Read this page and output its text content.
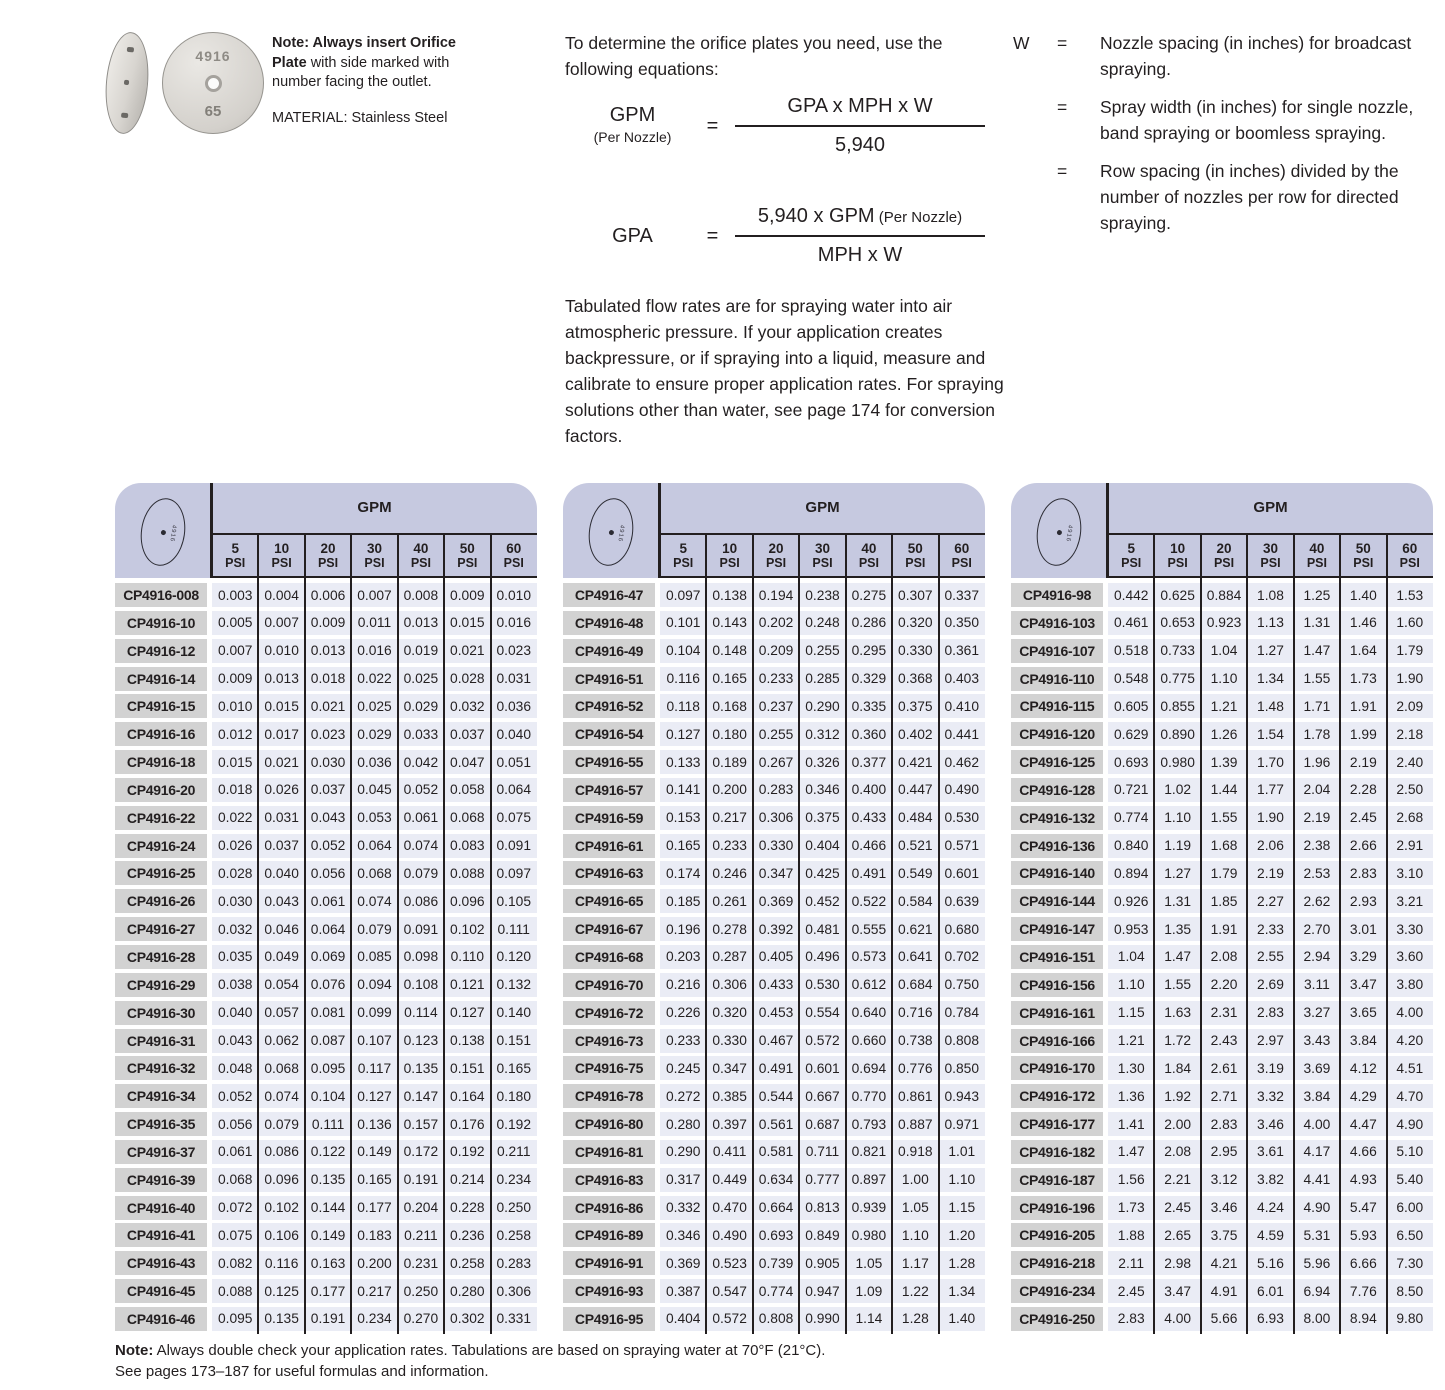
4916
65
Note: Always insert Orifice Plate with side marked with number facing the outlet.
MATERIAL: Stainless Steel
To determine the orifice plates you need, use the following equations:
GPM
(Per Nozzle)
= $\frac{\text{GPA x MPH x W}}{5,940}$
GPA	= $\frac{\text{5,940 x GPM (Per Nozzle)}}{\text{MPH x W}}$
W	=	Nozzle spacing (in inches) for broadcast spraying.
=	Spray width (in inches) for single nozzle, band spraying or boomless spraying.
=	Row spacing (in inches) divided by the number of nozzles per row for directed spraying.
Tabulated flow rates are for spraying water into air atmospheric pressure. If your application creates backpressure, or if spraying into a liquid, measure and calibrate to ensure proper application rates. For spraying solutions other than water, see page 174 for conversion factors.
4916
GPM
5
PSI
10
PSI
20
PSI
30
PSI
40
PSI
50
PSI
60
PSI
CP4916-008	0.003 0.004 0.006 0.007 0.008 0.009 0.010
CP4916-10	0.005 0.007 0.009 0.011 0.013 0.015 0.016
CP4916-12	0.007 0.010 0.013 0.016 0.019 0.021 0.023
CP4916-14	0.009 0.013 0.018 0.022 0.025 0.028 0.031
CP4916-15	0.010 0.015 0.021 0.025 0.029 0.032 0.036
CP4916-16	0.012 0.017 0.023 0.029 0.033 0.037 0.040
CP4916-18	0.015 0.021 0.030 0.036 0.042 0.047 0.051
CP4916-20	0.018 0.026 0.037 0.045 0.052 0.058 0.064
CP4916-22	0.022 0.031 0.043 0.053 0.061 0.068 0.075
CP4916-24	0.026 0.037 0.052 0.064 0.074 0.083 0.091
CP4916-25	0.028 0.040 0.056 0.068 0.079 0.088 0.097
CP4916-26	0.030 0.043 0.061 0.074 0.086 0.096 0.105
CP4916-27	0.032 0.046 0.064 0.079 0.091 0.102 0.111
CP4916-28	0.035 0.049 0.069 0.085 0.098 0.110 0.120
CP4916-29	0.038 0.054 0.076 0.094 0.108 0.121 0.132
CP4916-30	0.040 0.057 0.081 0.099 0.114 0.127 0.140
CP4916-31	0.043 0.062 0.087 0.107 0.123 0.138 0.151
CP4916-32	0.048 0.068 0.095 0.117 0.135 0.151 0.165
CP4916-34	0.052 0.074 0.104 0.127 0.147 0.164 0.180
CP4916-35	0.056 0.079 0.111 0.136 0.157 0.176 0.192
CP4916-37	0.061 0.086 0.122 0.149 0.172 0.192 0.211
CP4916-39	0.068 0.096 0.135 0.165 0.191 0.214 0.234
CP4916-40	0.072 0.102 0.144 0.177 0.204 0.228 0.250
CP4916-41	0.075 0.106 0.149 0.183 0.211 0.236 0.258
CP4916-43	0.082 0.116 0.163 0.200 0.231 0.258 0.283
CP4916-45	0.088 0.125 0.177 0.217 0.250 0.280 0.306
CP4916-46	0.095 0.135 0.191 0.234 0.270 0.302 0.331
4916
GPM
5
PSI
10
PSI
20
PSI
30
PSI
40
PSI
50
PSI
60
PSI
CP4916-47	0.097 0.138 0.194 0.238 0.275 0.307 0.337
CP4916-48	0.101 0.143 0.202 0.248 0.286 0.320 0.350
CP4916-49	0.104 0.148 0.209 0.255 0.295 0.330 0.361
CP4916-51	0.116 0.165 0.233 0.285 0.329 0.368 0.403
CP4916-52	0.118 0.168 0.237 0.290 0.335 0.375 0.410
CP4916-54	0.127 0.180 0.255 0.312 0.360 0.402 0.441
CP4916-55	0.133 0.189 0.267 0.326 0.377 0.421 0.462
CP4916-57	0.141 0.200 0.283 0.346 0.400 0.447 0.490
CP4916-59	0.153 0.217 0.306 0.375 0.433 0.484 0.530
CP4916-61	0.165 0.233 0.330 0.404 0.466 0.521 0.571
CP4916-63	0.174 0.246 0.347 0.425 0.491 0.549 0.601
CP4916-65	0.185 0.261 0.369 0.452 0.522 0.584 0.639
CP4916-67	0.196 0.278 0.392 0.481 0.555 0.621 0.680
CP4916-68	0.203 0.287 0.405 0.496 0.573 0.641 0.702
CP4916-70	0.216 0.306 0.433 0.530 0.612 0.684 0.750
CP4916-72	0.226 0.320 0.453 0.554 0.640 0.716 0.784
CP4916-73	0.233 0.330 0.467 0.572 0.660 0.738 0.808
CP4916-75	0.245 0.347 0.491 0.601 0.694 0.776 0.850
CP4916-78	0.272 0.385 0.544 0.667 0.770 0.861 0.943
CP4916-80	0.280 0.397 0.561 0.687 0.793 0.887 0.971
CP4916-81	0.290 0.411 0.581 0.711 0.821 0.918	1.01
CP4916-83	0.317 0.449 0.634 0.777 0.897	1.00	1.10
CP4916-86	0.332 0.470 0.664 0.813 0.939	1.05	1.15
CP4916-89	0.346 0.490 0.693 0.849 0.980	1.10	1.20
CP4916-91	0.369 0.523 0.739 0.905	1.05	1.17	1.28
CP4916-93	0.387 0.547 0.774 0.947	1.09	1.22	1.34
CP4916-95	0.404 0.572 0.808 0.990	1.14	1.28	1.40
4916
GPM
5
PSI
10
PSI
20
PSI
30
PSI
40
PSI
50
PSI
60
PSI
CP4916-98	0.442 0.625 0.884	1.08	1.25	1.40	1.53
CP4916-103	0.461 0.653 0.923	1.13	1.31	1.46	1.60
CP4916-107	0.518 0.733	1.04	1.27	1.47	1.64	1.79
CP4916-110	0.548 0.775	1.10	1.34	1.55	1.73	1.90
CP4916-115	0.605 0.855	1.21	1.48	1.71	1.91	2.09
CP4916-120	0.629 0.890	1.26	1.54	1.78	1.99	2.18
CP4916-125	0.693 0.980	1.39	1.70	1.96	2.19	2.40
CP4916-128	0.721	1.02	1.44	1.77	2.04	2.28	2.50
CP4916-132	0.774	1.10	1.55	1.90	2.19	2.45	2.68
CP4916-136	0.840	1.19	1.68	2.06	2.38	2.66	2.91
CP4916-140	0.894	1.27	1.79	2.19	2.53	2.83	3.10
CP4916-144	0.926	1.31	1.85	2.27	2.62	2.93	3.21
CP4916-147	0.953	1.35	1.91	2.33	2.70	3.01	3.30
CP4916-151	1.04	1.47	2.08	2.55	2.94	3.29	3.60
CP4916-156	1.10	1.55	2.20	2.69	3.11	3.47	3.80
CP4916-161	1.15	1.63	2.31	2.83	3.27	3.65	4.00
CP4916-166	1.21	1.72	2.43	2.97	3.43	3.84	4.20
CP4916-170	1.30	1.84	2.61	3.19	3.69	4.12	4.51
CP4916-172	1.36	1.92	2.71	3.32	3.84	4.29	4.70
CP4916-177	1.41	2.00	2.83	3.46	4.00	4.47	4.90
CP4916-182	1.47	2.08	2.95	3.61	4.17	4.66	5.10
CP4916-187	1.56	2.21	3.12	3.82	4.41	4.93	5.40
CP4916-196	1.73	2.45	3.46	4.24	4.90	5.47	6.00
CP4916-205	1.88	2.65	3.75	4.59	5.31	5.93	6.50
CP4916-218	2.11	2.98	4.21	5.16	5.96	6.66	7.30
CP4916-234	2.45	3.47	4.91	6.01	6.94	7.76	8.50
CP4916-250	2.83	4.00	5.66	6.93	8.00	8.94	9.80
Note: Always double check your application rates. Tabulations are based on spraying water at 70°F (21°C).
See pages 173–187 for useful formulas and information.
